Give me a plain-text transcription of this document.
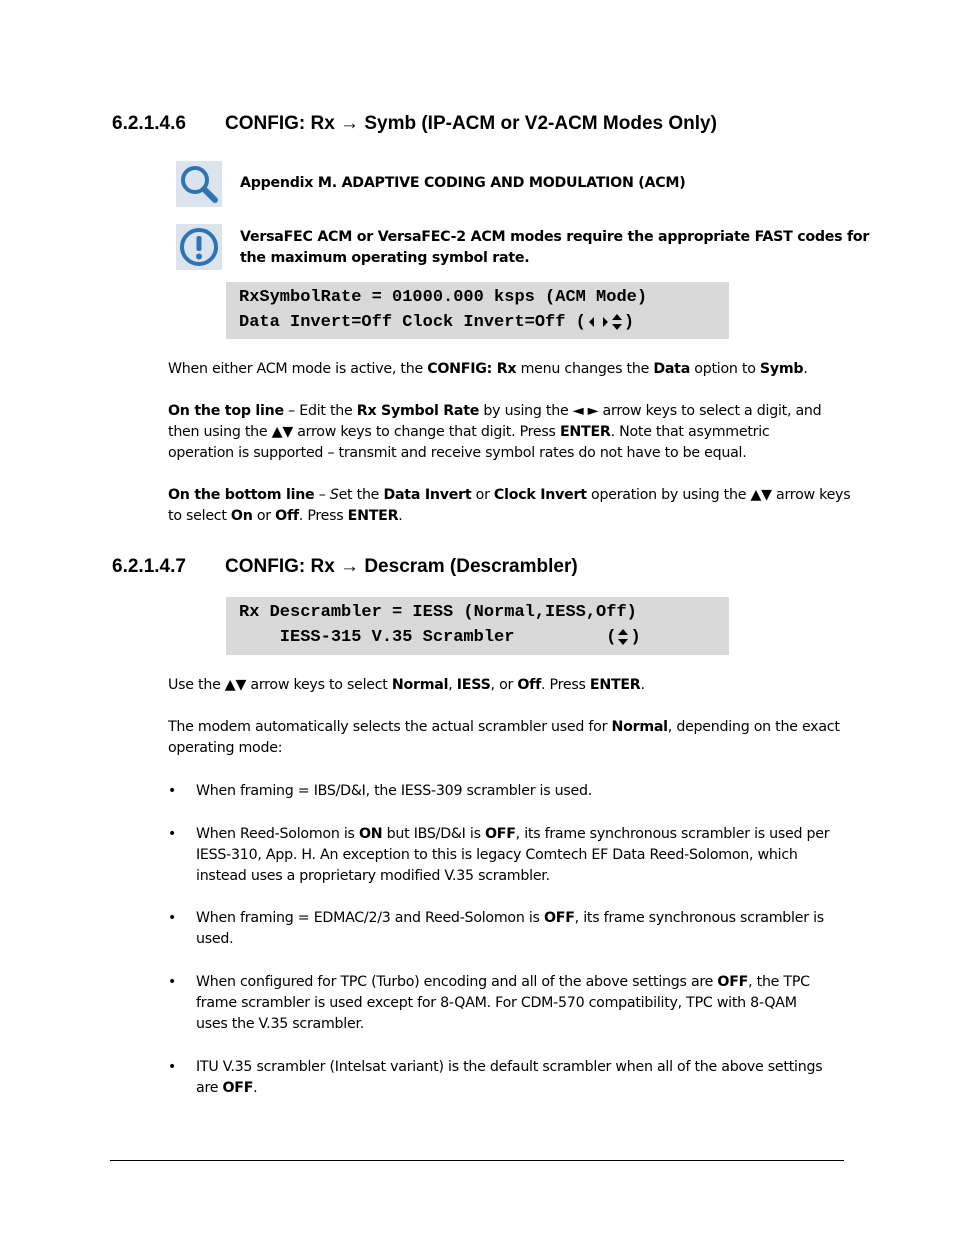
6.2.1.4.6 CONFIG: Rx → Symb (IP-ACM or V2-ACM Modes Only)
Appendix M. ADAPTIVE CODING AND MODULATION (ACM)
VersaFEC ACM or VersaFEC-2 ACM modes require the appropriate FAST codes for
the maximum operating symbol rate.

RxSymbolRate = 01000.000 ksps (ACM Mode)

Data Invert=Off Clock Invert=Off ( )

When either ACM mode is active, the CONFIG: Rx menu changes the Data option to Symb.
On the top line – Edit the Rx Symbol Rate by using the ◄ ► arrow keys to select a digit, and
then using the ▲▼ arrow keys to change that digit. Press ENTER. Note that asymmetric
operation is supported – transmit and receive symbol rates do not have to be equal.
On the bottom line – Set the Data Invert or Clock Invert operation by using the ▲▼ arrow keys
to select On or Off. Press ENTER.
6.2.1.4.7 CONFIG: Rx → Descram (Descrambler)

Rx Descrambler = IESS (Normal,IESS,Off)

IESS-315 V.35 Scrambler         ( )

Use the ▲▼ arrow keys to select Normal, IESS, or Off. Press ENTER.
The modem automatically selects the actual scrambler used for Normal, depending on the exact
operating mode:
• When framing = IBS/D&I, the IESS-309 scrambler is used.
• When Reed-Solomon is ON but IBS/D&I is OFF, its frame synchronous scrambler is used per
IESS-310, App. H. An exception to this is legacy Comtech EF Data Reed-Solomon, which
instead uses a proprietary modified V.35 scrambler.
• When framing = EDMAC/2/3 and Reed-Solomon is OFF, its frame synchronous scrambler is
used.
• When configured for TPC (Turbo) encoding and all of the above settings are OFF, the TPC
frame scrambler is used except for 8-QAM. For CDM-570 compatibility, TPC with 8-QAM
uses the V.35 scrambler.
• ITU V.35 scrambler (Intelsat variant) is the default scrambler when all of the above settings
are OFF.
